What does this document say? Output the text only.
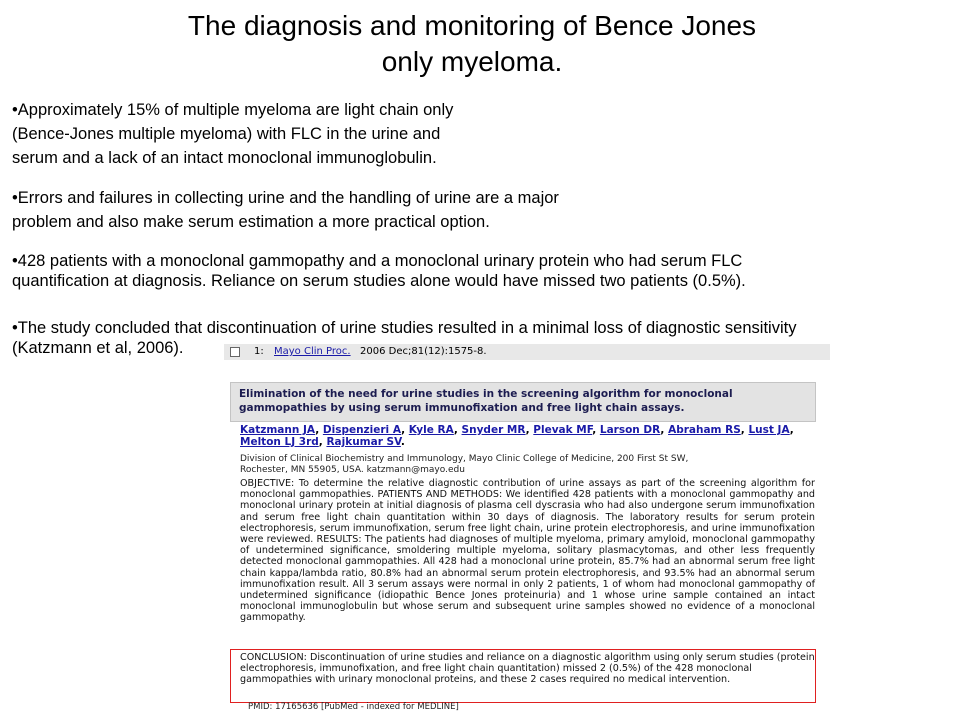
The diagnosis and monitoring of Bence Jones
only myeloma.

•Approximately 15% of multiple myeloma are light chain only

(Bence-Jones multiple myeloma) with FLC in the urine and

serum and a lack of an intact monoclonal immunoglobulin.

•Errors and failures in collecting urine and the handling of urine are a major

problem and also make serum estimation a more practical option.

•428 patients with a monoclonal gammopathy and a monoclonal urinary protein who had serum FLC

quantification at diagnosis. Reliance on serum studies alone would have missed two patients (0.5%).

•The study concluded that discontinuation of urine studies resulted in a minimal loss of diagnostic sensitivity

(Katzmann et al, 2006).	1: Mayo Clin Proc. 2006 Dec;81(12):1575-8.
Elimination of the need for urine studies in the screening algorithm for monoclonal
gammopathies by using serum immunofixation and free light chain assays.
Katzmann JA, Dispenzieri A, Kyle RA, Snyder MR, Plevak MF, Larson DR, Abraham RS, Lust JA, Melton LJ 3rd, Rajkumar SV.
Division of Clinical Biochemistry and Immunology, Mayo Clinic College of Medicine, 200 First St SW,
Rochester, MN 55905, USA. katzmann@mayo.edu
OBJECTIVE: To determine the relative diagnostic contribution of urine assays as part of the screening algorithm for monoclonal gammopathies. PATIENTS AND METHODS: We identified 428 patients with a monoclonal gammopathy and monoclonal urinary protein at initial diagnosis of plasma cell dyscrasia who had also undergone serum immunofixation and serum free light chain quantitation within 30 days of diagnosis. The laboratory results for serum protein electrophoresis, serum immunofixation, serum free light chain, urine protein electrophoresis, and urine immunofixation were reviewed. RESULTS: The patients had diagnoses of multiple myeloma, primary amyloid, monoclonal gammopathy of undetermined significance, smoldering multiple myeloma, solitary plasmacytomas, and other less frequently detected monoclonal gammopathies. All 428 had a monoclonal urine protein, 85.7% had an abnormal serum free light chain kappa/lambda ratio, 80.8% had an abnormal serum protein electrophoresis, and 93.5% had an abnormal serum immunofixation result. All 3 serum assays were normal in only 2 patients, 1 of whom had monoclonal gammopathy of undetermined significance (idiopathic Bence Jones proteinuria) and 1 whose urine sample contained an intact monoclonal immunoglobulin but whose serum and subsequent urine samples showed no evidence of a monoclonal gammopathy.
CONCLUSION: Discontinuation of urine studies and reliance on a diagnostic algorithm using only serum studies (protein electrophoresis, immunofixation, and free light chain quantitation) missed 2 (0.5%) of the 428 monoclonal gammopathies with urinary monoclonal proteins, and these 2 cases required no medical intervention.
PMID: 17165636 [PubMed - indexed for MEDLINE]
